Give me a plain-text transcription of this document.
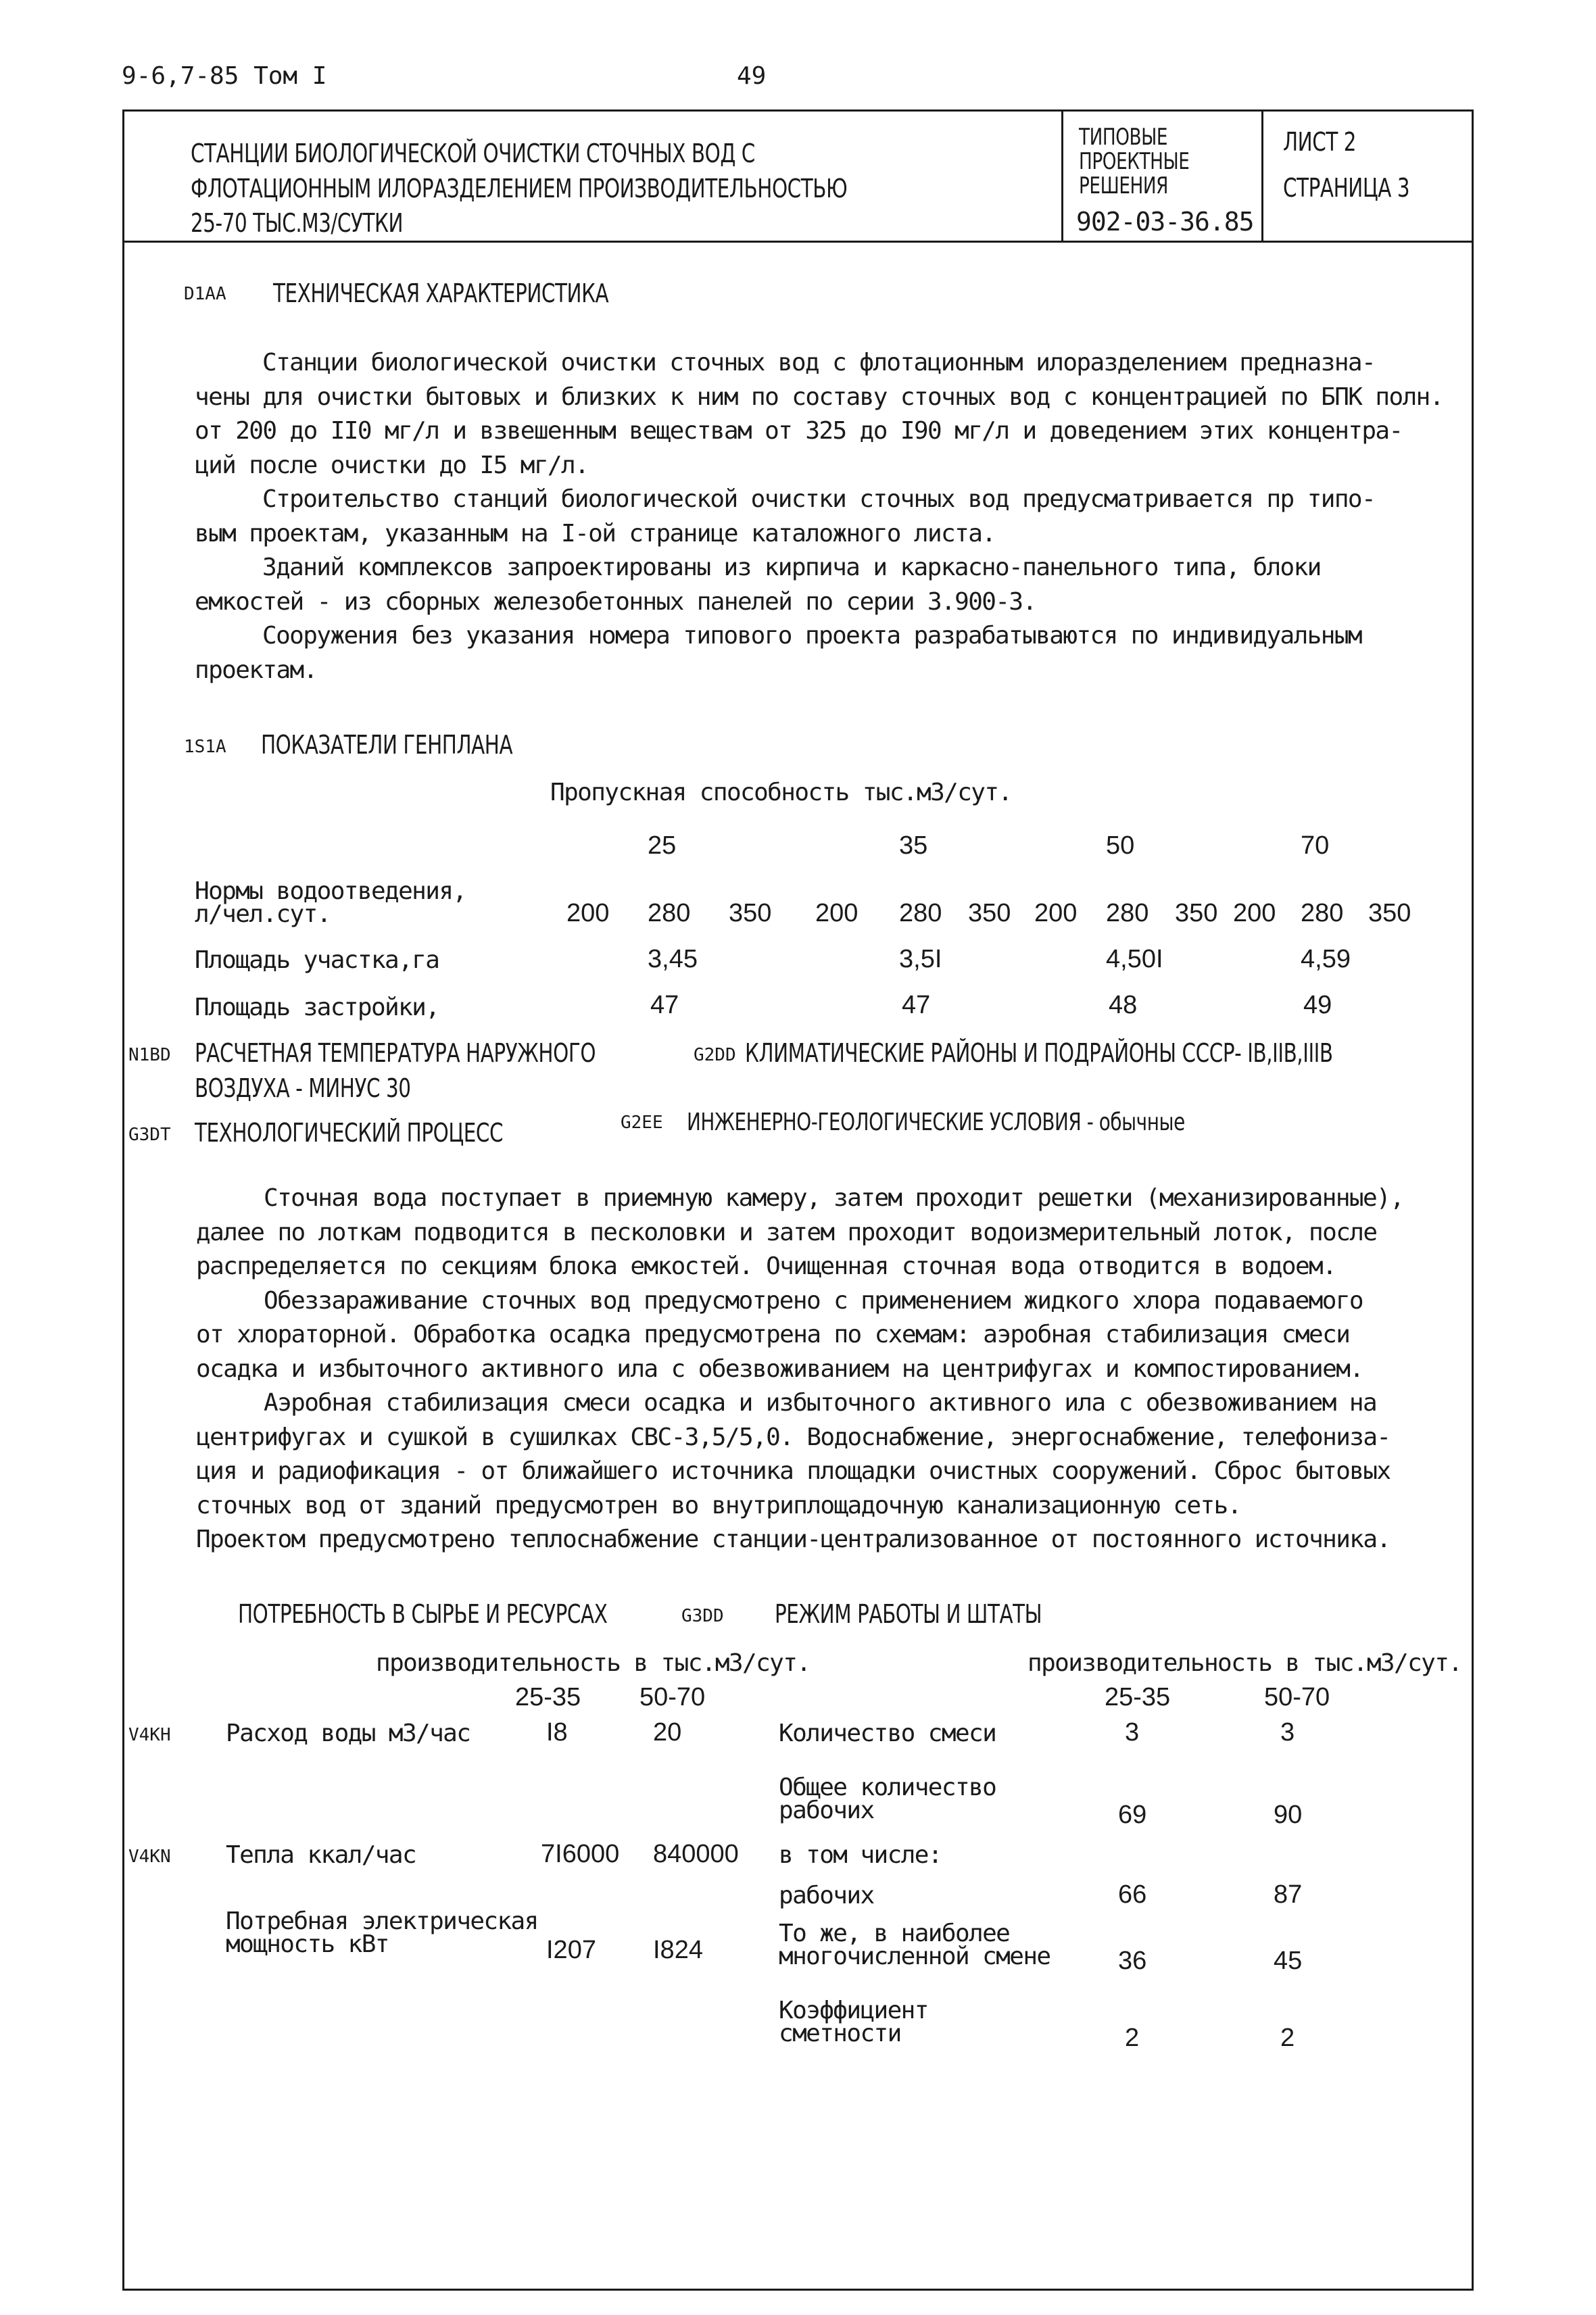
9-6,7-85 Том I	49
СТАНЦИИ БИОЛОГИЧЕСКОЙ ОЧИСТКИ СТОЧНЫХ ВОД С
ФЛОТАЦИОННЫМ ИЛОРАЗДЕЛЕНИЕМ ПРОИЗВОДИТЕЛЬНОСТЬЮ
25-70 ТЫС.М3/СУТКИ
ТИПОВЫЕ
ПРОЕКТНЫЕ
РЕШЕНИЯ
902-03-36.85
ЛИСТ 2
СТРАНИЦА 3
D1AA ТЕХНИЧЕСКАЯ ХАРАКТЕРИСТИКА

Станции биологической очистки сточных вод с флотационным илоразделением предназна-

чены для очистки бытовых и близких к ним по составу сточных вод с концентрацией по БПК полн.

от 200 до II0 мг/л и взвешенным веществам от 325 до I90 мг/л и доведением этих концентра-

ций после очистки до I5 мг/л.

Строительство станций биологической очистки сточных вод предусматривается пр типо-

вым проектам, указанным на I-ой странице каталожного листа.

Зданий комплексов запроектированы из кирпича и каркасно-панельного типа, блоки

емкостей - из сборных железобетонных панелей по серии 3.900-3.

Сооружения без указания номера типового проекта разрабатываются по индивидуальным

проектам.

1S1A ПОКАЗАТЕЛИ ГЕНПЛАНА
Пропускная способность тыс.м3/сут.
25	35	50	70
Нормы водоотведения,
л/чел.сут.	200 280 350 200 280 350 200 280 350 200 280 350
Площадь участка,га	3,45	3,5I	4,50I	4,59
Площадь застройки,	47	47	48	49
N1BD РАСЧЕТНАЯ ТЕМПЕРАТУРА НАРУЖНОГО	G2DD КЛИМАТИЧЕСКИЕ РАЙОНЫ И ПОДРАЙОНЫ СССР- IВ,IIВ,IIIВ
ВОЗДУХА - МИНУС 30
G3DT ТЕХНОЛОГИЧЕСКИЙ ПРОЦЕСС	G2EE ИНЖЕНЕРНО-ГЕОЛОГИЧЕСКИЕ УСЛОВИЯ - обычные

Сточная вода поступает в приемную камеру, затем проходит решетки (механизированные),

далее по лоткам подводится в песколовки и затем проходит водоизмерительный лоток, после

распределяется по секциям блока емкостей. Очищенная сточная вода отводится в водоем.

Обеззараживание сточных вод предусмотрено с применением жидкого хлора подаваемого

от хлораторной. Обработка осадка предусмотрена по схемам: аэробная стабилизация смеси

осадка и избыточного активного ила с обезвоживанием на центрифугах и компостированием.

Аэробная стабилизация смеси осадка и избыточного активного ила с обезвоживанием на

центрифугах и сушкой в сушилках СВС-3,5/5,0. Водоснабжение, энергоснабжение, телефониза-

ция и радиофикация - от ближайшего источника площадки очистных сооружений. Сброс бытовых

сточных вод от зданий предусмотрен во внутриплощадочную канализационную сеть.

Проектом предусмотрено теплоснабжение станции-централизованное от постоянного источника.

ПОТРЕБНОСТЬ В СЫРЬЕ И РЕСУРСАХ	G3DD РЕЖИМ РАБОТЫ И ШТАТЫ
производительность в тыс.м3/сут.
25-35 50-70
производительность в тыс.м3/сут.
25-35	50-70
V4KH Расход воды м3/час	I8	20
V4KN Тепла ккал/час	7I6000 840000
Потребная электрическая
мощность кВт	I207 I824
Количество смеси	3	3
Общее количество
рабочих	69	90
в том числе:
рабочих	66	87
То же, в наиболее
многочисленной смене	36	45
Коэффициент
сметности	2	2
